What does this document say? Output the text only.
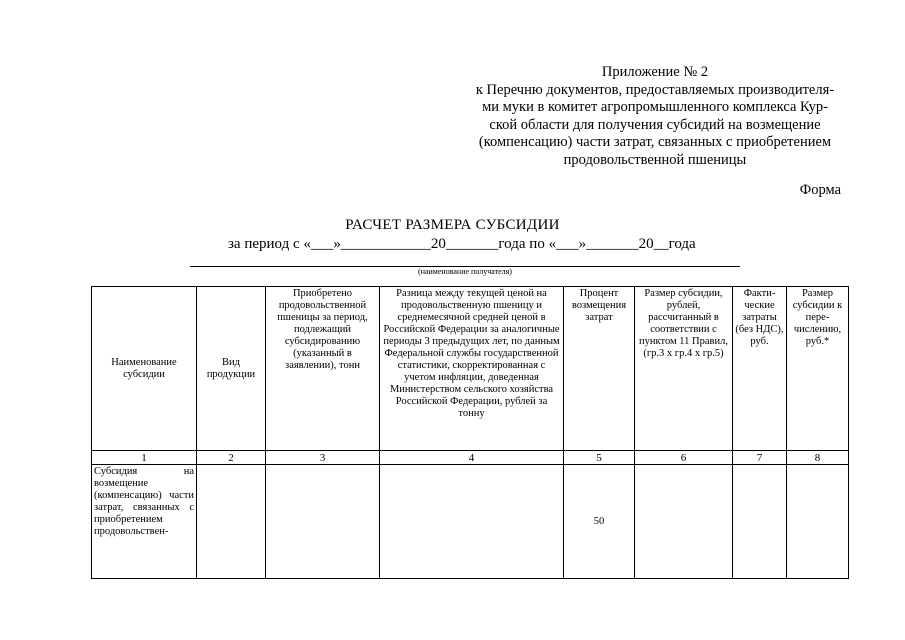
Приложение № 2
к Перечню документов, предоставляемых производителя-
ми муки в комитет агропромышленного комплекса Кур-
ской области для получения субсидий на возмещение
(компенсацию) части затрат, связанных с приобретением
продовольственной пшеницы
Форма
РАСЧЕТ РАЗМЕРА СУБСИДИИ
за период с «___»____________20_______года по «___»_______20__года
(наименование получателя)
Наименование субсидии	Вид продукции	Приобретено продовольственной пшеницы за период, подлежащий субсидированию (указанный в заявлении), тонн	Разница между текущей ценой на продовольственную пшеницу и среднемесячной средней ценой в Российской Федерации за аналогичные периоды 3 предыдущих лет, по данным Федеральной службы государственной статистики, скорректированная с учетом инфляции, доведенная Министерством сельского хозяйства Российской Федерации, рублей за тонну	Процент возмещения затрат	Размер субсидии, рублей, рассчитанный в соответствии с пунктом 11 Правил, (гр.3 х гр.4 х гр.5)	Факти-ческие затраты (без НДС), руб.	Размер субсидии к пере-числению, руб.*
1	2	3	4	5	6	7	8
Субсидия на возмещение (компенсацию) части затрат, связанных с приобретением продовольствен-				50			
